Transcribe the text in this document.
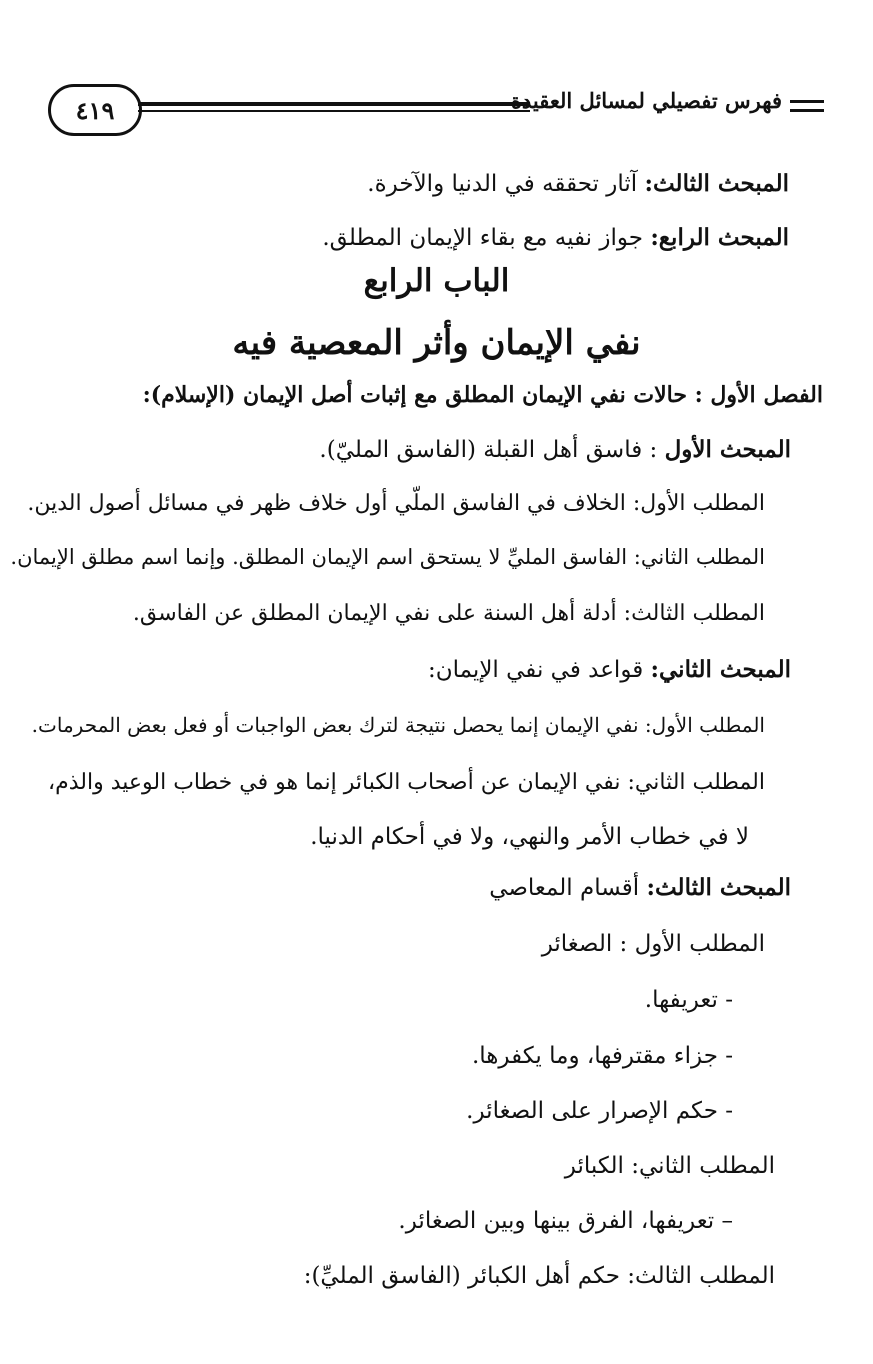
٤١٩	فهرس تفصيلي لمسائل العقيدة
المبحث الثالث: آثار تحققه في الدنيا والآخرة.
المبحث الرابع: جواز نفيه مع بقاء الإيمان المطلق.
الباب الرابع
نفي الإيمان وأثر المعصية فيه
الفصل الأول : حالات نفي الإيمان المطلق مع إثبات أصل الإيمان (الإسلام):
المبحث الأول : فاسق أهل القبلة (الفاسق المليّ).
المطلب الأول: الخلاف في الفاسق الملّي أول خلاف ظهر في مسائل أصول الدين.
المطلب الثاني: الفاسق المليِّ لا يستحق اسم الإيمان المطلق. وإنما اسم مطلق الإيمان.
المطلب الثالث: أدلة أهل السنة على نفي الإيمان المطلق عن الفاسق.
المبحث الثاني: قواعد في نفي الإيمان:
المطلب الأول: نفي الإيمان إنما يحصل نتيجة لترك بعض الواجبات أو فعل بعض المحرمات.
المطلب الثاني: نفي الإيمان عن أصحاب الكبائر إنما هو في خطاب الوعيد والذم،
لا في خطاب الأمر والنهي، ولا في أحكام الدنيا.
المبحث الثالث: أقسام المعاصي
المطلب الأول : الصغائر
- تعريفها.
- جزاء مقترفها، وما يكفرها.
- حكم الإصرار على الصغائر.
المطلب الثاني: الكبائر
– تعريفها، الفرق بينها وبين الصغائر.
المطلب الثالث: حكم أهل الكبائر (الفاسق المليِّ):
